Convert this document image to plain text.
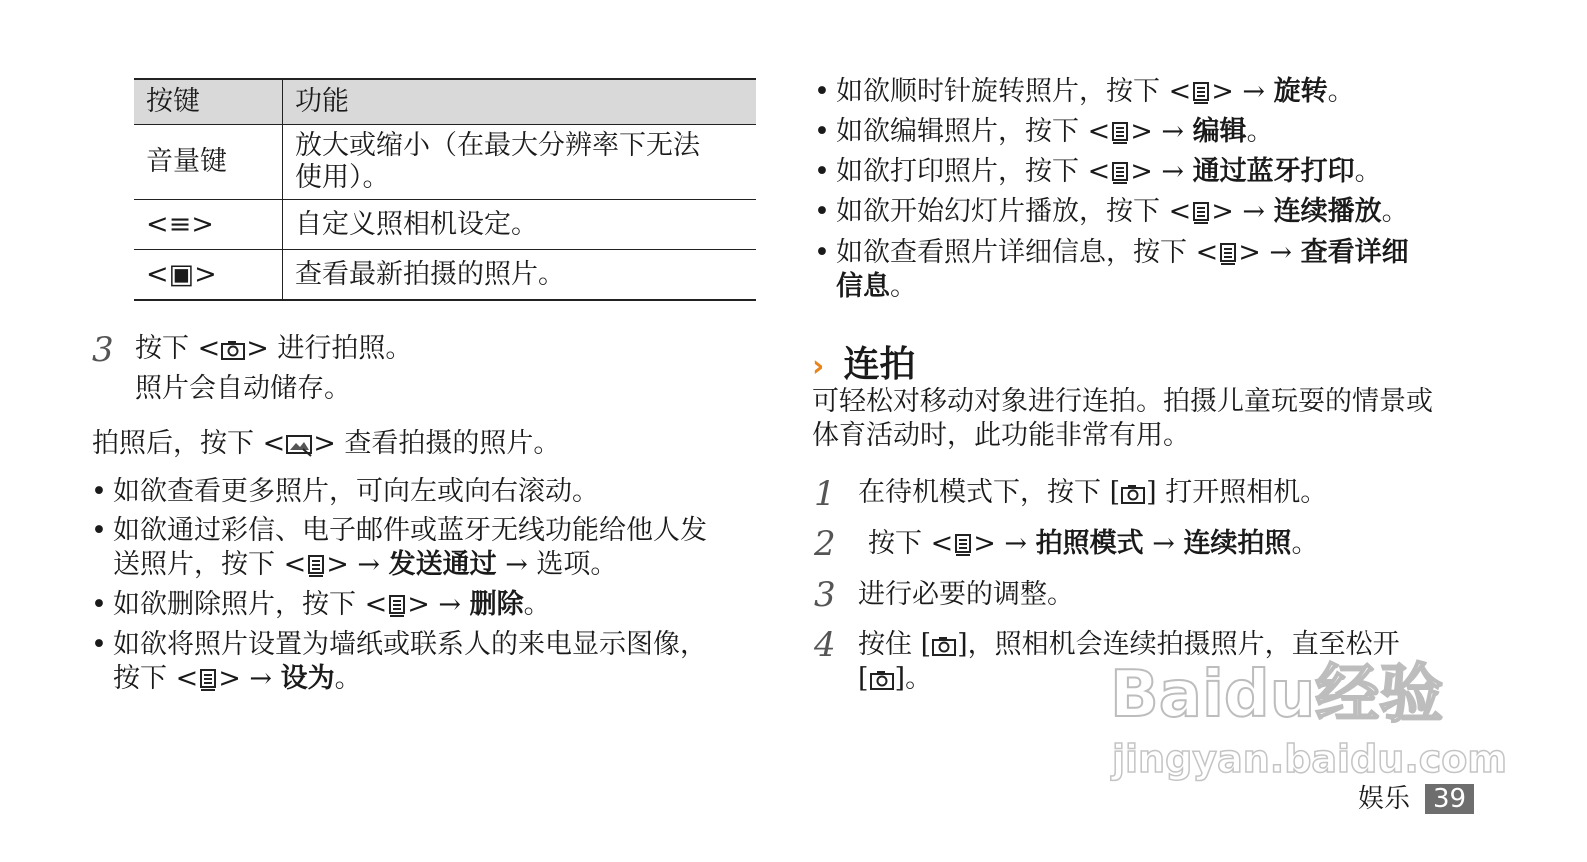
按键	功能
音量键	放大或缩小（在最大分辨率下无法使用）。

<≡>	自定义照相机设定。
<▣>	查看最新拍摄的照片。
3 按下 < > 进行拍照。
照片会自动储存。
拍照后，按下 < > 查看拍摄的照片。
• 如欲查看更多照片，可向左或向右滚动。
• 如欲通过彩信、电子邮件或蓝牙无线功能给他人发
送照片，按下 < > → 发送通过 → 选项。
• 如欲删除照片，按下 < > → 删除。
• 如欲将照片设置为墙纸或联系人的来电显示图像，
按下 < > → 设为。
• 如欲顺时针旋转照片，按下 < > → 旋转。
• 如欲编辑照片，按下 < > → 编辑。
• 如欲打印照片，按下 < > → 通过蓝牙打印。
• 如欲开始幻灯片播放，按下 < > → 连续播放。
• 如欲查看照片详细信息，按下 < > → 查看详细
信息。
› 连拍
可轻松对移动对象进行连拍。拍摄儿童玩耍的情景或
体育活动时，此功能非常有用。
1 在待机模式下，按下 [ ] 打开照相机。
2 按下 < > → 拍照模式 → 连续拍照。
3 进行必要的调整。
4 按住 [ ]，照相机会连续拍摄照片，直至松开
[ ]。	Baidu经验
jingyan.baidu.com
娱乐 39
